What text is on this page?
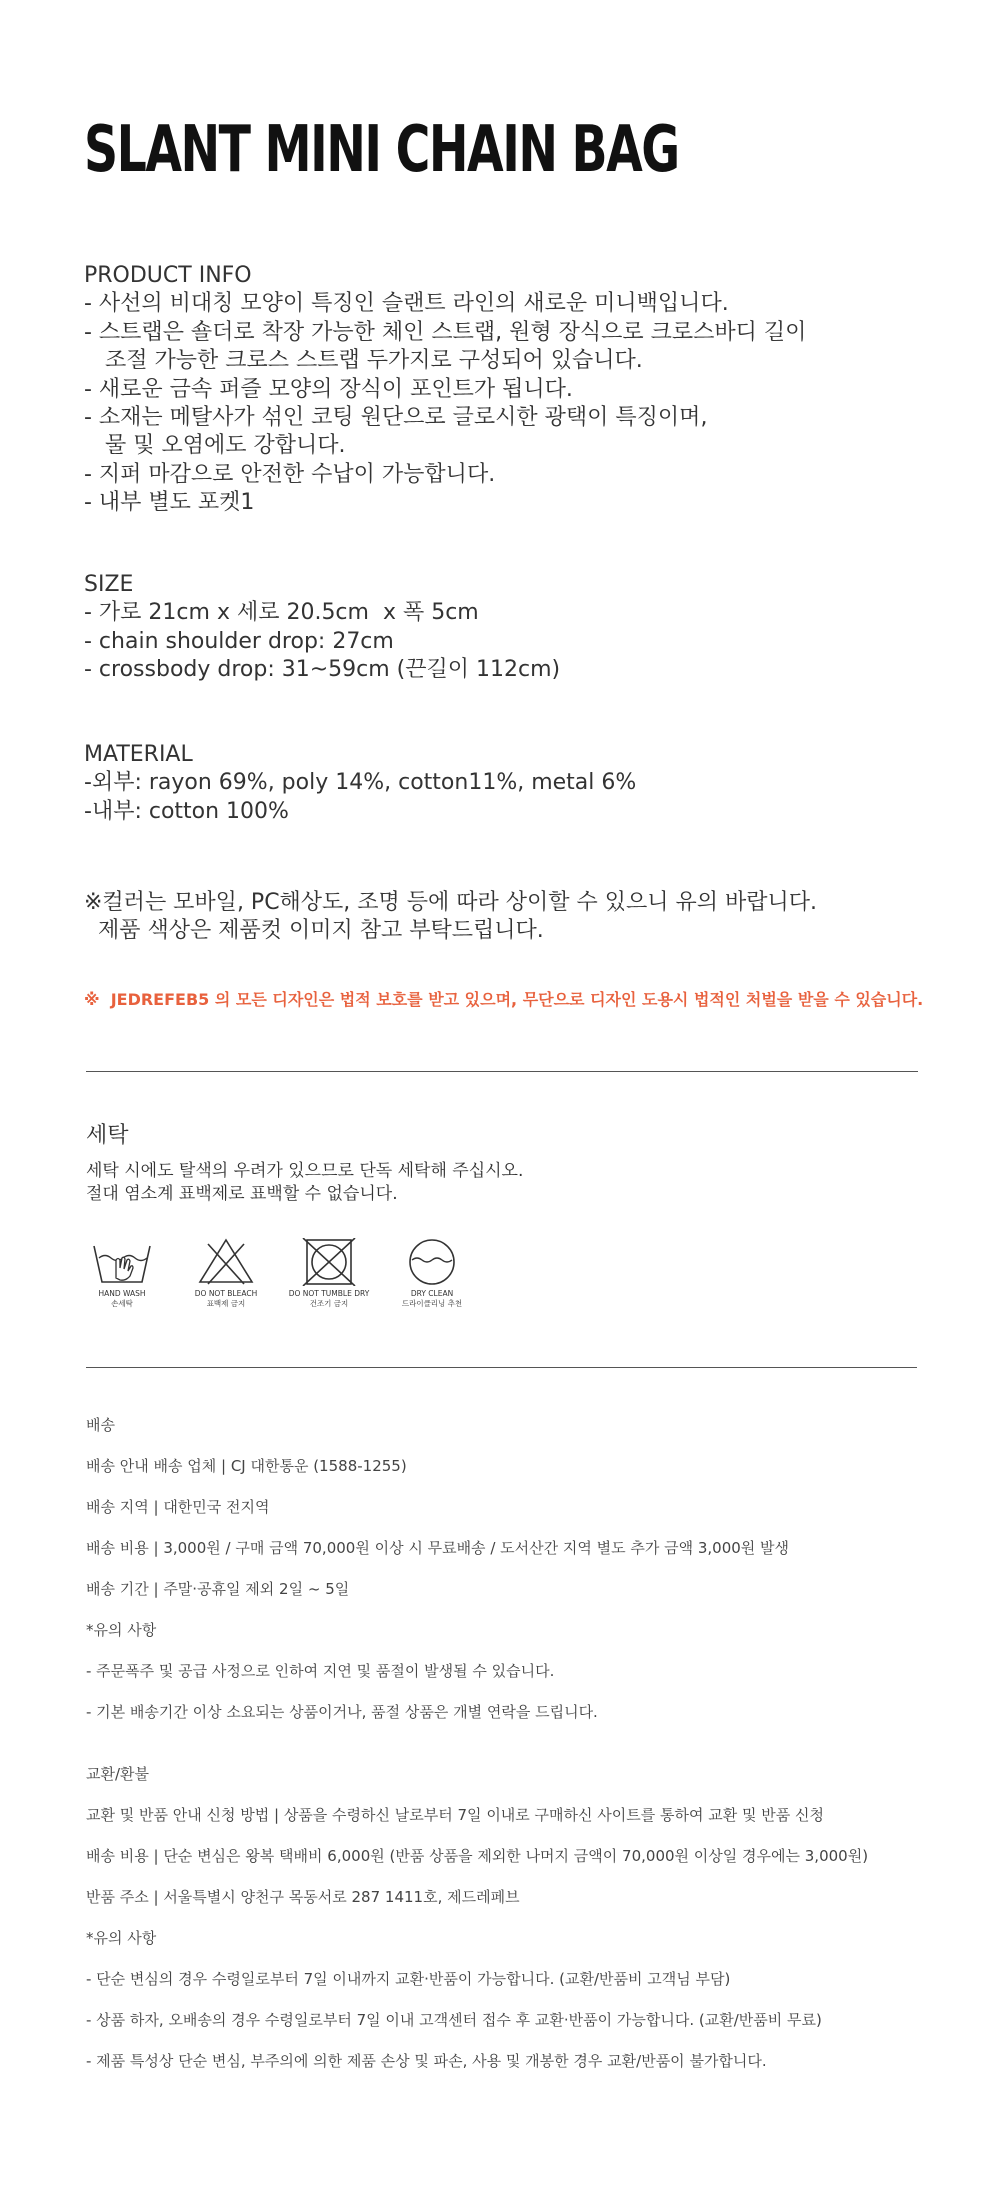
SLANT MINI CHAIN BAG
PRODUCT INFO
- 사선의 비대칭 모양이 특징인 슬랜트 라인의 새로운 미니백입니다.
- 스트랩은 숄더로 착장 가능한 체인 스트랩, 원형 장식으로 크로스바디 길이
조절 가능한 크로스 스트랩 두가지로 구성되어 있습니다.
- 새로운 금속 퍼즐 모양의 장식이 포인트가 됩니다.
- 소재는 메탈사가 섞인 코팅 원단으로 글로시한 광택이 특징이며,
물 및 오염에도 강합니다.
- 지퍼 마감으로 안전한 수납이 가능합니다.
- 내부 별도 포켓1
SIZE
- 가로 21cm x 세로 20.5cm  x 폭 5cm
- chain shoulder drop: 27cm
- crossbody drop: 31~59cm (끈길이 112cm)
MATERIAL
-외부: rayon 69%, poly 14%, cotton11%, metal 6%
-내부: cotton 100%
※컬러는 모바일, PC해상도, 조명 등에 따라 상이할 수 있으니 유의 바랍니다.
제품 색상은 제품컷 이미지 참고 부탁드립니다.
※  JEDREFEB5 의 모든 디자인은 법적 보호를 받고 있으며, 무단으로 디자인 도용시 법적인 처벌을 받을 수 있습니다.
세탁
세탁 시에도 탈색의 우려가 있으므로 단독 세탁해 주십시오.
절대 염소계 표백제로 표백할 수 없습니다.
HAND WASH
손세탁
DO NOT BLEACH
표백제 금지
DO NOT TUMBLE DRY
건조기 금지
DRY CLEAN
드라이클리닝 추천
배송
배송 안내 배송 업체 | CJ 대한통운 (1588-1255)
배송 지역 | 대한민국 전지역
배송 비용 | 3,000원 / 구매 금액 70,000원 이상 시 무료배송 / 도서산간 지역 별도 추가 금액 3,000원 발생
배송 기간 | 주말·공휴일 제외 2일 ~ 5일
*유의 사항
- 주문폭주 및 공급 사정으로 인하여 지연 및 품절이 발생될 수 있습니다.
- 기본 배송기간 이상 소요되는 상품이거나, 품절 상품은 개별 연락을 드립니다.
교환/환불
교환 및 반품 안내 신청 방법 | 상품을 수령하신 날로부터 7일 이내로 구매하신 사이트를 통하여 교환 및 반품 신청
배송 비용 | 단순 변심은 왕복 택배비 6,000원 (반품 상품을 제외한 나머지 금액이 70,000원 이상일 경우에는 3,000원)
반품 주소 | 서울특별시 양천구 목동서로 287 1411호, 제드레페브
*유의 사항
- 단순 변심의 경우 수령일로부터 7일 이내까지 교환·반품이 가능합니다. (교환/반품비 고객님 부담)
- 상품 하자, 오배송의 경우 수령일로부터 7일 이내 고객센터 접수 후 교환·반품이 가능합니다. (교환/반품비 무료)
- 제품 특성상 단순 변심, 부주의에 의한 제품 손상 및 파손, 사용 및 개봉한 경우 교환/반품이 불가합니다.
